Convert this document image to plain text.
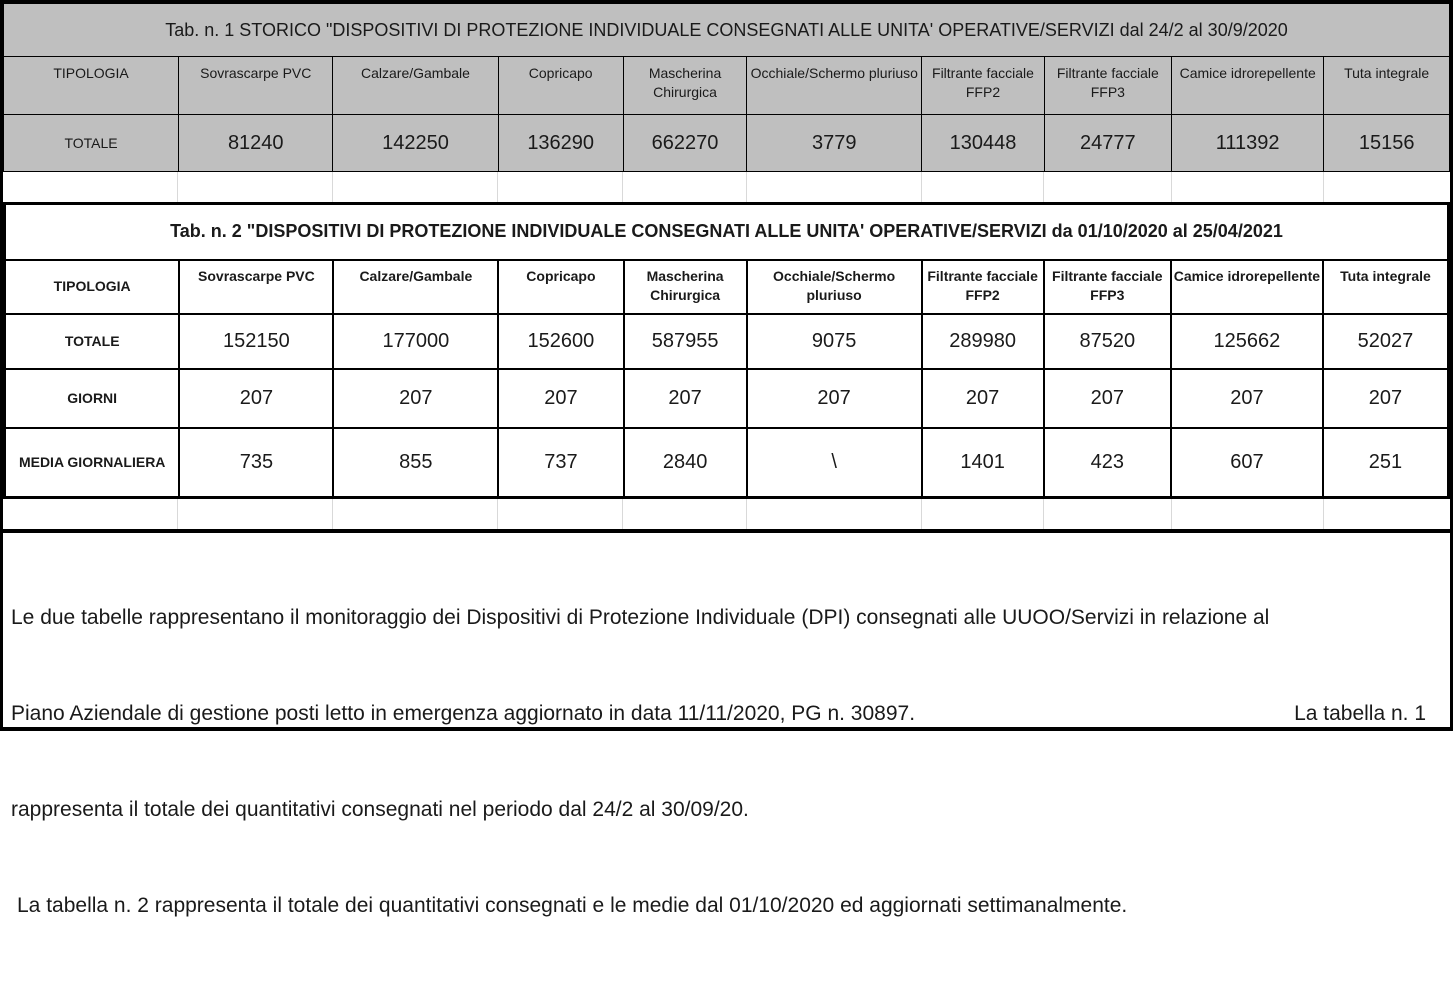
Tab. n. 1 STORICO "DISPOSITIVI DI PROTEZIONE INDIVIDUALE CONSEGNATI ALLE UNITA' OPERATIVE/SERVIZI dal 24/2 al 30/9/2020									
TIPOLOGIA	Sovrascarpe PVC	Calzare/Gambale	Copricapo	Mascherina Chirurgica	Occhiale/Schermo pluriuso	Filtrante facciale FFP2	Filtrante facciale FFP3	Camice idrorepellente	Tuta integrale
TOTALE	81240	142250	136290	662270	3779	130448	24777	111392	15156
Tab. n. 2 "DISPOSITIVI DI PROTEZIONE INDIVIDUALE CONSEGNATI ALLE UNITA' OPERATIVE/SERVIZI da 01/10/2020 al 25/04/2021									
TIPOLOGIA	Sovrascarpe PVC	Calzare/Gambale	Copricapo	Mascherina Chirurgica	Occhiale/Schermo pluriuso	Filtrante facciale FFP2	Filtrante facciale FFP3	Camice idrorepellente	Tuta integrale
TOTALE	152150	177000	152600	587955	9075	289980	87520	125662	52027
GIORNI	207	207	207	207	207	207	207	207	207
MEDIA GIORNALIERA	735	855	737	2840	\	1401	423	607	251

Le due tabelle rappresentano il monitoraggio dei Dispositivi di Protezione Individuale (DPI) consegnati alle UUOO/Servizi in relazione al

Piano Aziendale di gestione posti letto in emergenza aggiornato in data 11/11/2020, PG n. 30897.	La tabella n. 1

rappresenta il totale dei quantitativi consegnati nel periodo dal 24/2 al 30/09/20.

La tabella n. 2 rappresenta il totale dei quantitativi consegnati e le medie dal 01/10/2020 ed aggiornati settimanalmente.
